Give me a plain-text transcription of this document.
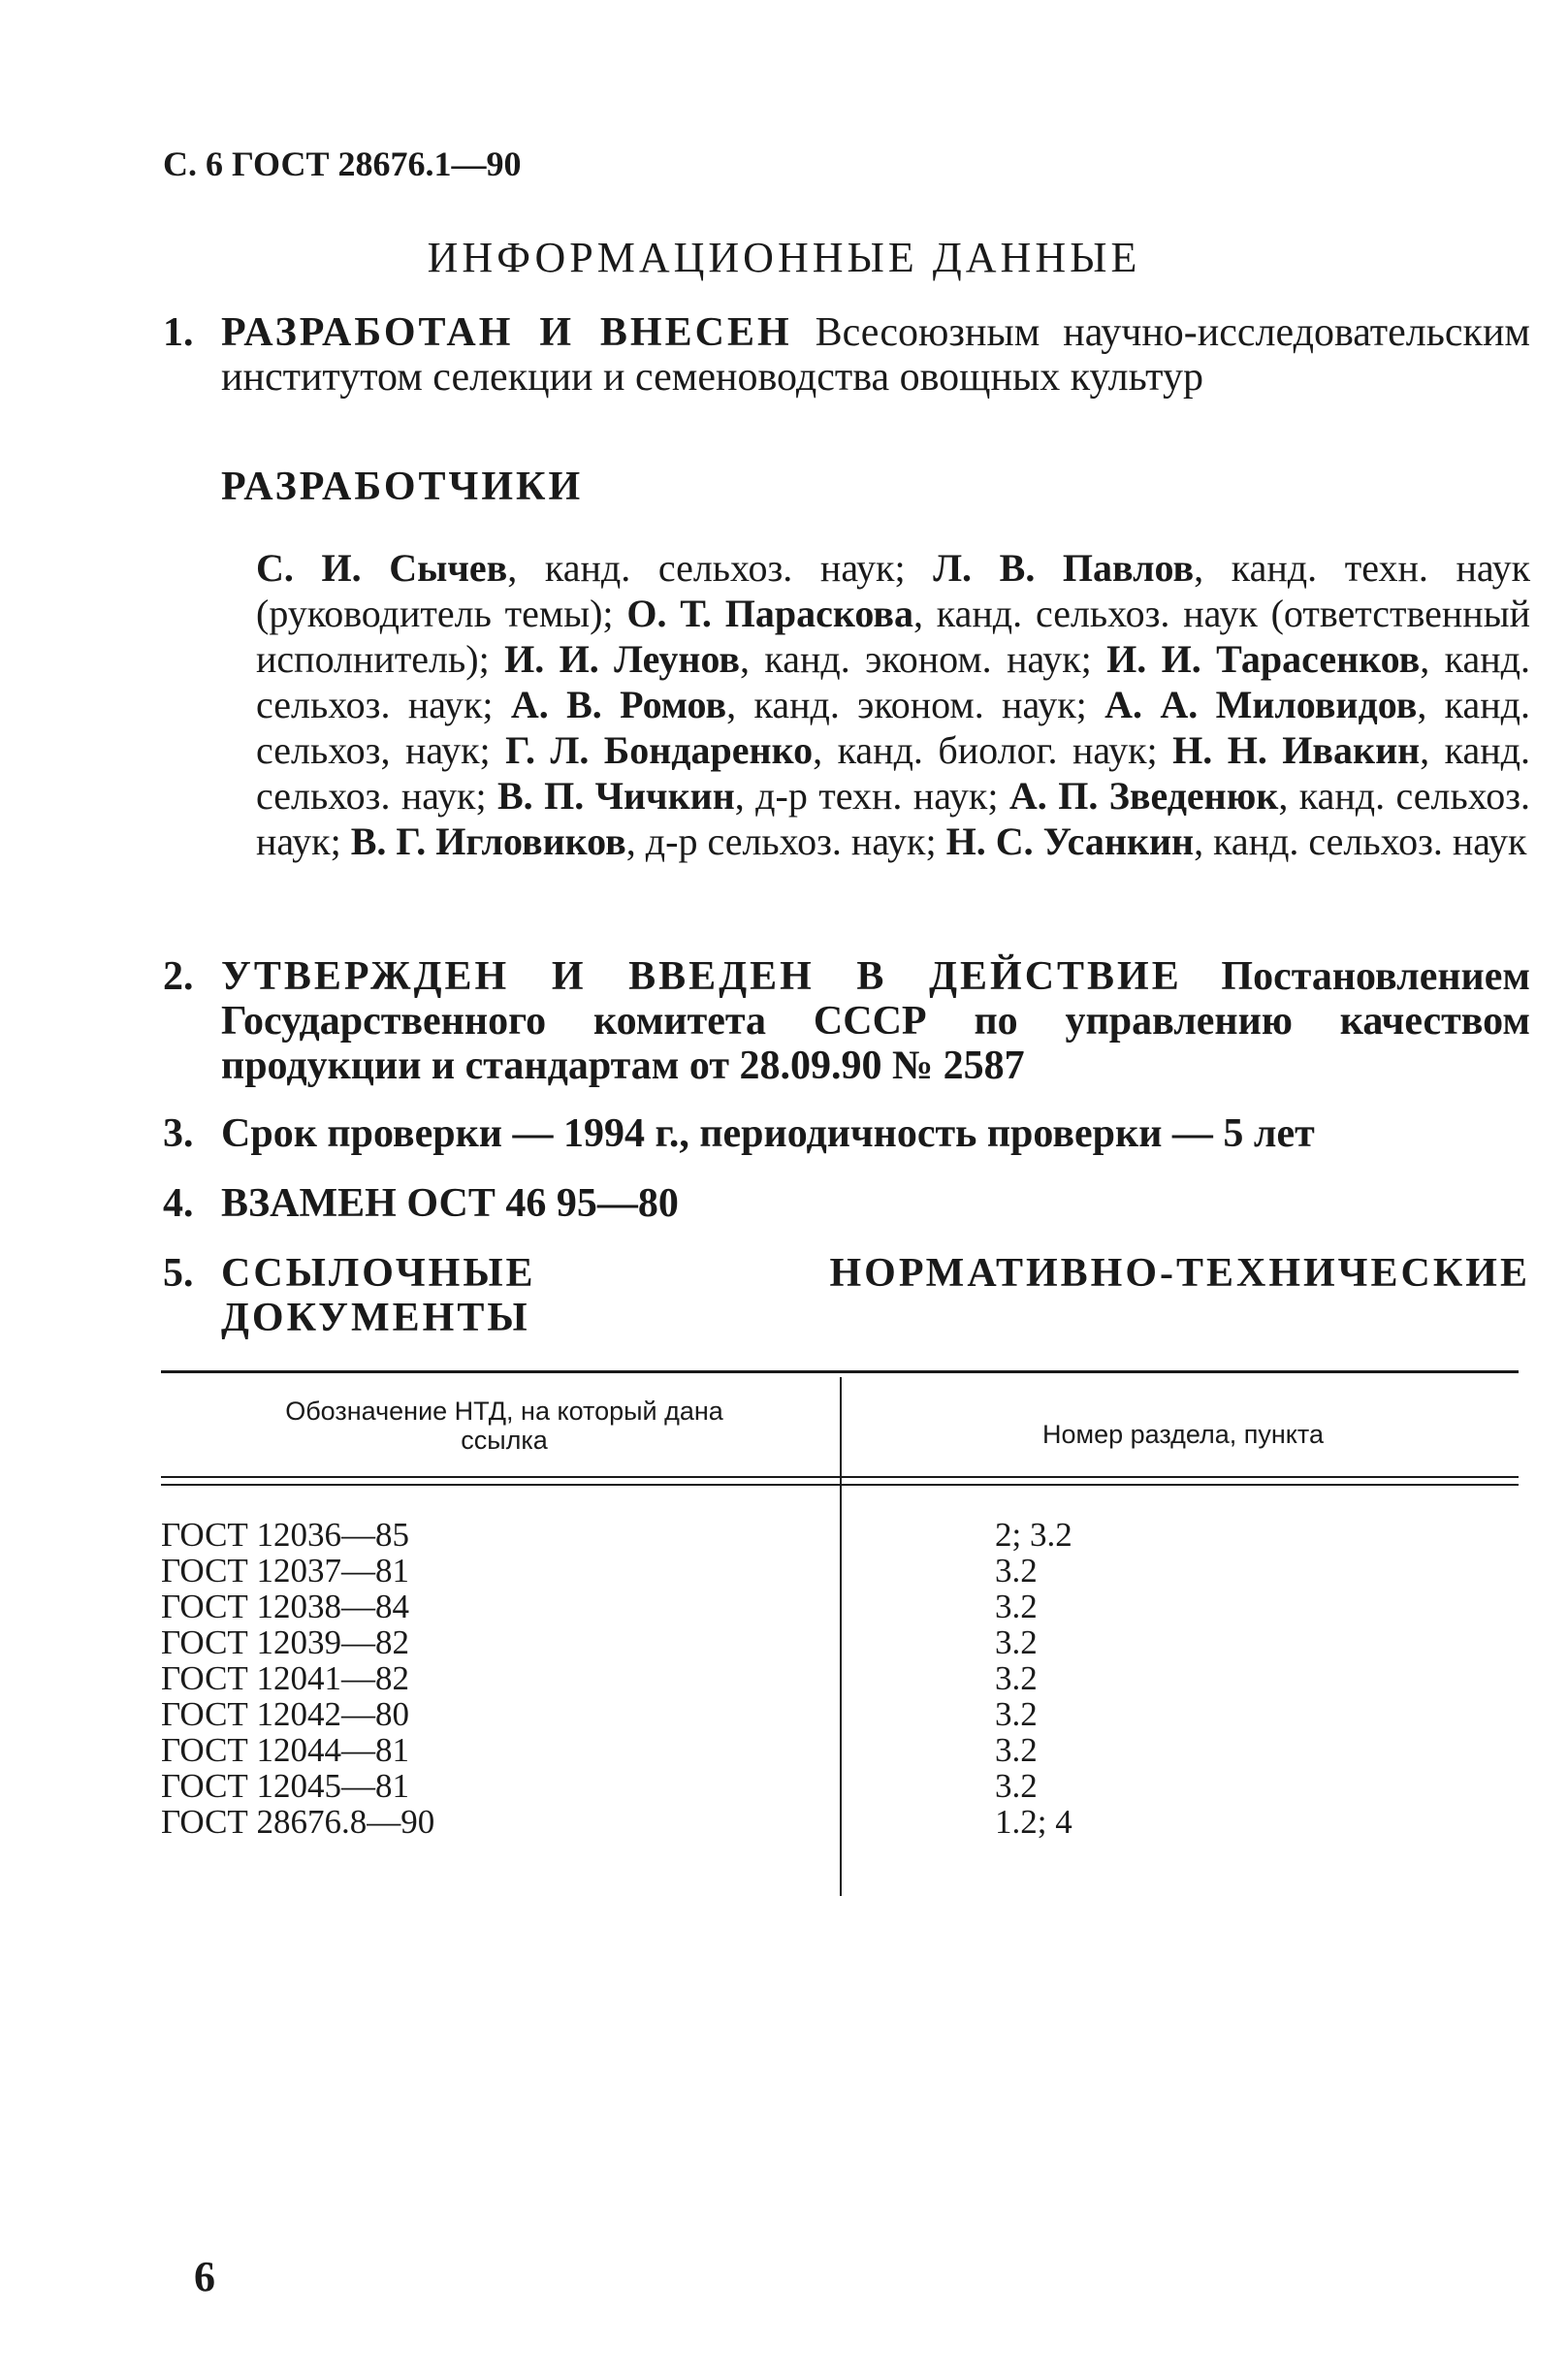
С. 6 ГОСТ 28676.1—90
ИНФОРМАЦИОННЫЕ ДАННЫЕ
1. РАЗРАБОТАН И ВНЕСЕН Всесоюзным научно-исследовательским институтом селекции и семеноводства овощных культур
РАЗРАБОТЧИКИ
С. И. Сычев, канд. сельхоз. наук; Л. В. Павлов, канд. техн. наук (руководитель темы); О. Т. Параскова, канд. сельхоз. наук (ответственный исполнитель); И. И. Леунов, канд. эконом. наук; И. И. Тарасенков, канд. сельхоз. наук; А. В. Ромов, канд. эконом. наук; А. А. Миловидов, канд. сельхоз, наук; Г. Л. Бондаренко, канд. биолог. наук; Н. Н. Ивакин, канд. сельхоз. наук; В. П. Чичкин, д-р техн. наук; А. П. Зведенюк, канд. сельхоз. наук; В. Г. Игловиков, д-р сельхоз. наук; Н. С. Усанкин, канд. сельхоз. наук
2. УТВЕРЖДЕН И ВВЕДЕН В ДЕЙСТВИЕ Постановлением Государственного комитета СССР по управлению качеством продукции и стандартам от 28.09.90 № 2587
3. Срок проверки — 1994 г., периодичность проверки — 5 лет
4. ВЗАМЕН ОСТ 46 95—80
5. ССЫЛОЧНЫЕ НОРМАТИВНО-ТЕХНИЧЕСКИЕ ДОКУМЕНТЫ
Обозначение НТД, на который дана ссылка	Номер раздела, пункта
ГОСТ 12036—85	2; 3.2
ГОСТ 12037—81	3.2
ГОСТ 12038—84	3.2
ГОСТ 12039—82	3.2
ГОСТ 12041—82	3.2
ГОСТ 12042—80	3.2
ГОСТ 12044—81	3.2
ГОСТ 12045—81	3.2
ГОСТ 28676.8—90	1.2; 4
6
